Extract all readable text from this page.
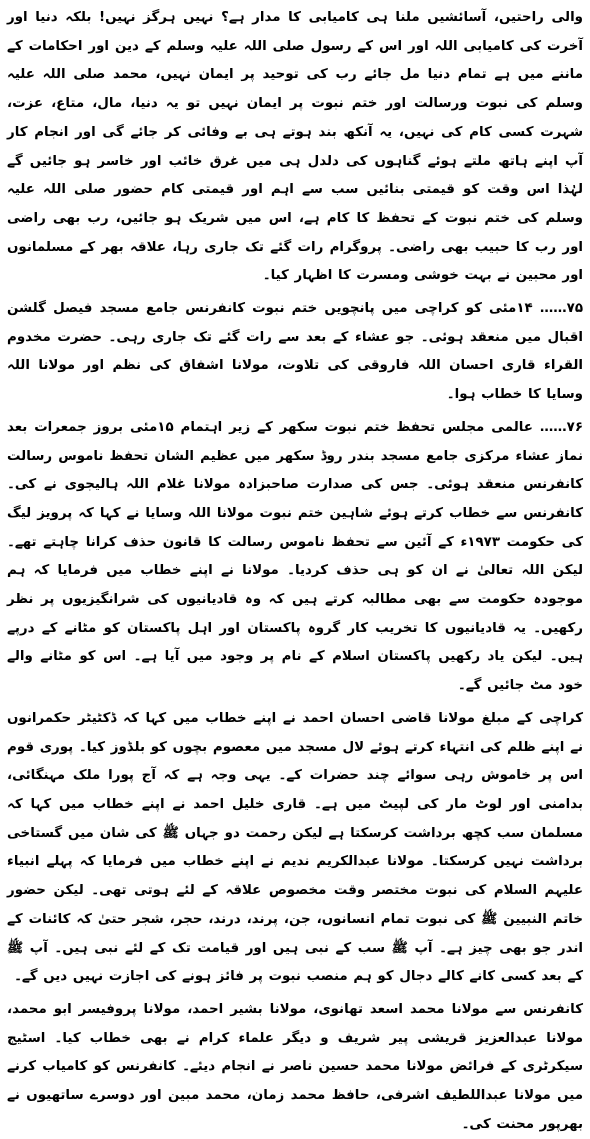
والی راحتیں، آسائشیں ملنا ہی کامیابی کا مدار ہے؟ نہیں ہرگز نہیں! بلکہ دنیا اور آخرت کی کامیابی اللہ اور اس کے رسول صلی اللہ علیہ وسلم کے دین اور احکامات کے ماننے میں ہے تمام دنیا مل جائے رب کی توحید پر ایمان نہیں، محمد صلی اللہ علیہ وسلم کی نبوت ورسالت اور ختم نبوت پر ایمان نہیں تو یہ دنیا، مال، متاع، عزت، شہرت کسی کام کی نہیں، یہ آنکھ بند ہوتے ہی بے وفائی کر جائے گی اور انجام کار آپ اپنے ہاتھ ملتے ہوئے گناہوں کی دلدل ہی میں غرق خائب اور خاسر ہو جائیں گے لہٰذا اس وقت کو قیمتی بنائیں سب سے اہم اور قیمتی کام حضور صلی اللہ علیہ وسلم کی ختم نبوت کے تحفظ کا کام ہے، اس میں شریک ہو جائیں، رب بھی راضی اور رب کا حبیب بھی راضی۔ پروگرام رات گئے تک جاری رہا، علاقہ بھر کے مسلمانوں اور محبین نے بہت خوشی ومسرت کا اظہار کیا۔

۷۵…… ۱۴مئی کو کراچی میں پانچویں ختم نبوت کانفرنس جامع مسجد فیصل گلشن اقبال میں منعقد ہوئی۔ جو عشاء کے بعد سے رات گئے تک جاری رہی۔ حضرت مخدوم القراء قاری احسان اللہ فاروقی کی تلاوت، مولانا اشفاق کی نظم اور مولانا اللہ وسایا کا خطاب ہوا۔

۷۶…… عالمی مجلس تحفظ ختم نبوت سکھر کے زیر اہتمام ۱۵مئی بروز جمعرات بعد نماز عشاء مرکزی جامع مسجد بندر روڈ سکھر میں عظیم الشان تحفظ ناموس رسالت کانفرنس منعقد ہوئی۔ جس کی صدارت صاحبزادہ مولانا غلام اللہ ہالیجوی نے کی۔ کانفرنس سے خطاب کرتے ہوئے شاہین ختم نبوت مولانا اللہ وسایا نے کہا کہ پرویز لیگ کی حکومت ۱۹۷۳ء کے آئین سے تحفظ ناموس رسالت کا قانون حذف کرانا چاہتے تھے۔ لیکن اللہ تعالیٰ نے ان کو ہی حذف کردیا۔ مولانا نے اپنے خطاب میں فرمایا کہ ہم موجودہ حکومت سے بھی مطالبہ کرتے ہیں کہ وہ قادیانیوں کی شرانگیزیوں پر نظر رکھیں۔ یہ قادیانیوں کا تخریب کار گروہ پاکستان اور اہل پاکستان کو مٹانے کے درپے ہیں۔ لیکن یاد رکھیں پاکستان اسلام کے نام پر وجود میں آیا ہے۔ اس کو مٹانے والے خود مٹ جائیں گے۔

کراچی کے مبلغ مولانا قاضی احسان احمد نے اپنے خطاب میں کہا کہ ڈکٹیٹر حکمرانوں نے اپنے ظلم کی انتہاء کرتے ہوئے لال مسجد میں معصوم بچوں کو بلڈوز کیا۔ پوری قوم اس پر خاموش رہی سوائے چند حضرات کے۔ یہی وجہ ہے کہ آج پورا ملک مہنگائی، بدامنی اور لوٹ مار کی لپیٹ میں ہے۔ قاری خلیل احمد نے اپنے خطاب میں کہا کہ مسلمان سب کچھ برداشت کرسکتا ہے لیکن رحمت دو جہاں ﷺ کی شان میں گستاخی برداشت نہیں کرسکتا۔ مولانا عبدالکریم ندیم نے اپنے خطاب میں فرمایا کہ پہلے انبیاء علیہم السلام کی نبوت مختصر وقت مخصوص علاقہ کے لئے ہوتی تھی۔ لیکن حضور خاتم النبیین ﷺ کی نبوت تمام انسانوں، جن، پرند، درند، حجر، شجر حتیٰ کہ کائنات کے اندر جو بھی چیز ہے۔ آپ ﷺ سب کے نبی ہیں اور قیامت تک کے لئے نبی ہیں۔ آپ ﷺ کے بعد کسی کانے کالے دجال کو ہم منصب نبوت پر فائز ہونے کی اجازت نہیں دیں گے۔

کانفرنس سے مولانا محمد اسعد تھانوی، مولانا بشیر احمد، مولانا پروفیسر ابو محمد، مولانا عبدالعزیز قریشی پیر شریف و دیگر علماء کرام نے بھی خطاب کیا۔ اسٹیج سیکرٹری کے فرائض مولانا محمد حسین ناصر نے انجام دیئے۔ کانفرنس کو کامیاب کرنے میں مولانا عبداللطیف اشرفی، حافظ محمد زمان، محمد مبین اور دوسرے ساتھیوں نے بھرپور محنت کی۔
